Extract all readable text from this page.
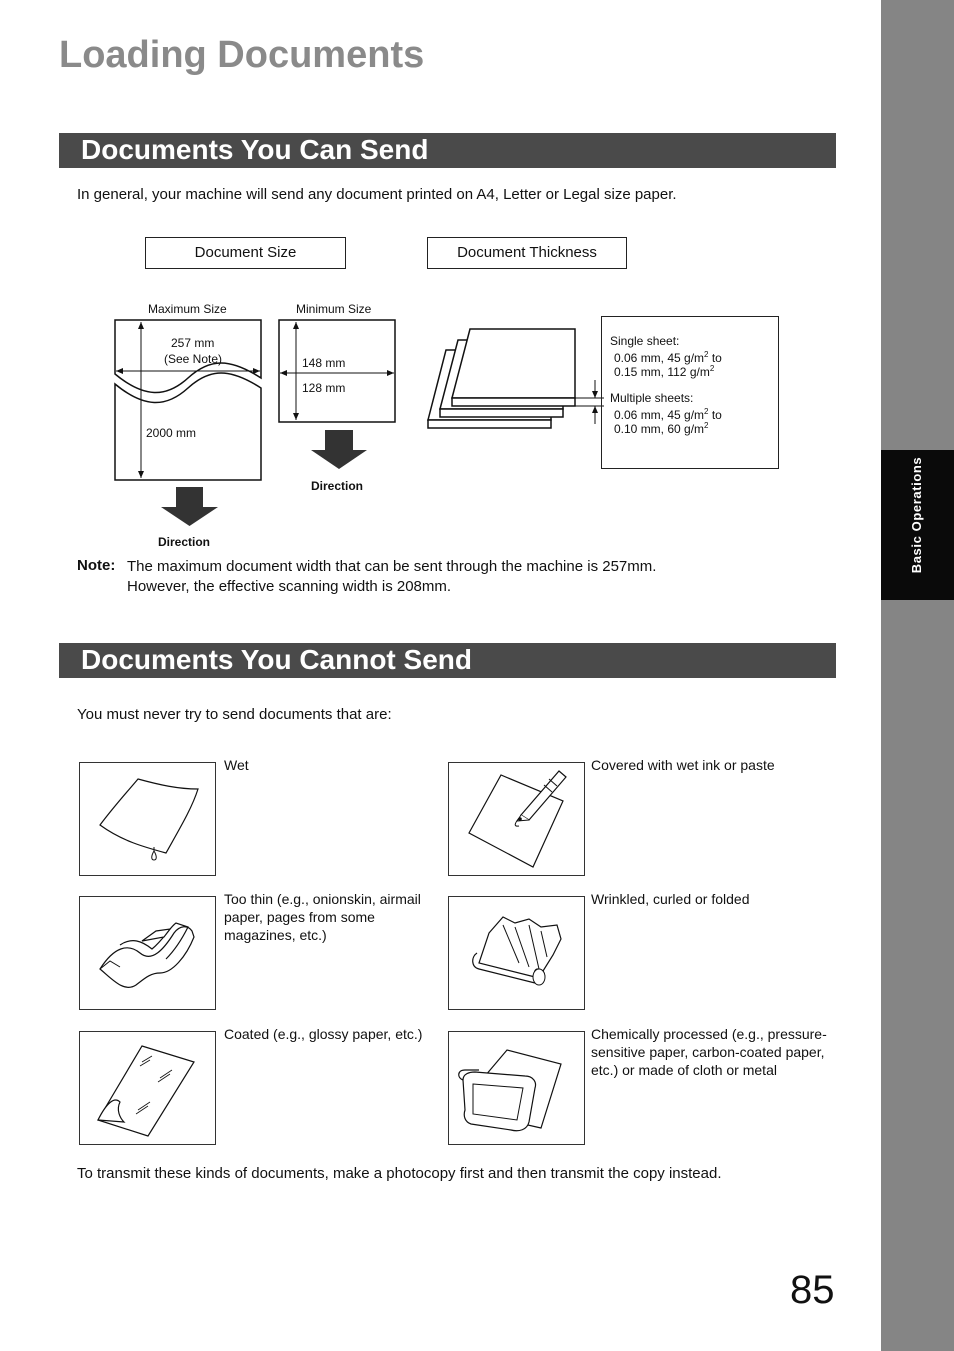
Basic Operations
Loading Documents
Documents You Can Send
In general, your machine will send any document printed on A4, Letter or Legal size paper.
Document Size	Document Thickness
Maximum Size	Minimum Size
257 mm
(See Note)
2000 mm
148 mm
128 mm
Direction
Direction
Single sheet:
0.06 mm, 45 $g/m^2$ to
0.15 mm, 112 $g/m^2$
Multiple sheets:
0.06 mm, 45 $g/m^2$ to
0.10 mm, 60 $g/m^2$
Note: The maximum document width that can be sent through the machine is 257mm.
However, the effective scanning width is 208mm.
Documents You Cannot Send
You must never try to send documents that are:
Wet	Covered with wet ink or paste
Too thin (e.g., onionskin, airmail paper, pages from some magazines, etc.)
Wrinkled, curled or folded
Coated (e.g., glossy paper, etc.)	Chemically processed (e.g., pressure-sensitive paper, carbon-coated paper, etc.) or made of cloth or metal
To transmit these kinds of documents, make a photocopy first and then transmit the copy instead.
85
